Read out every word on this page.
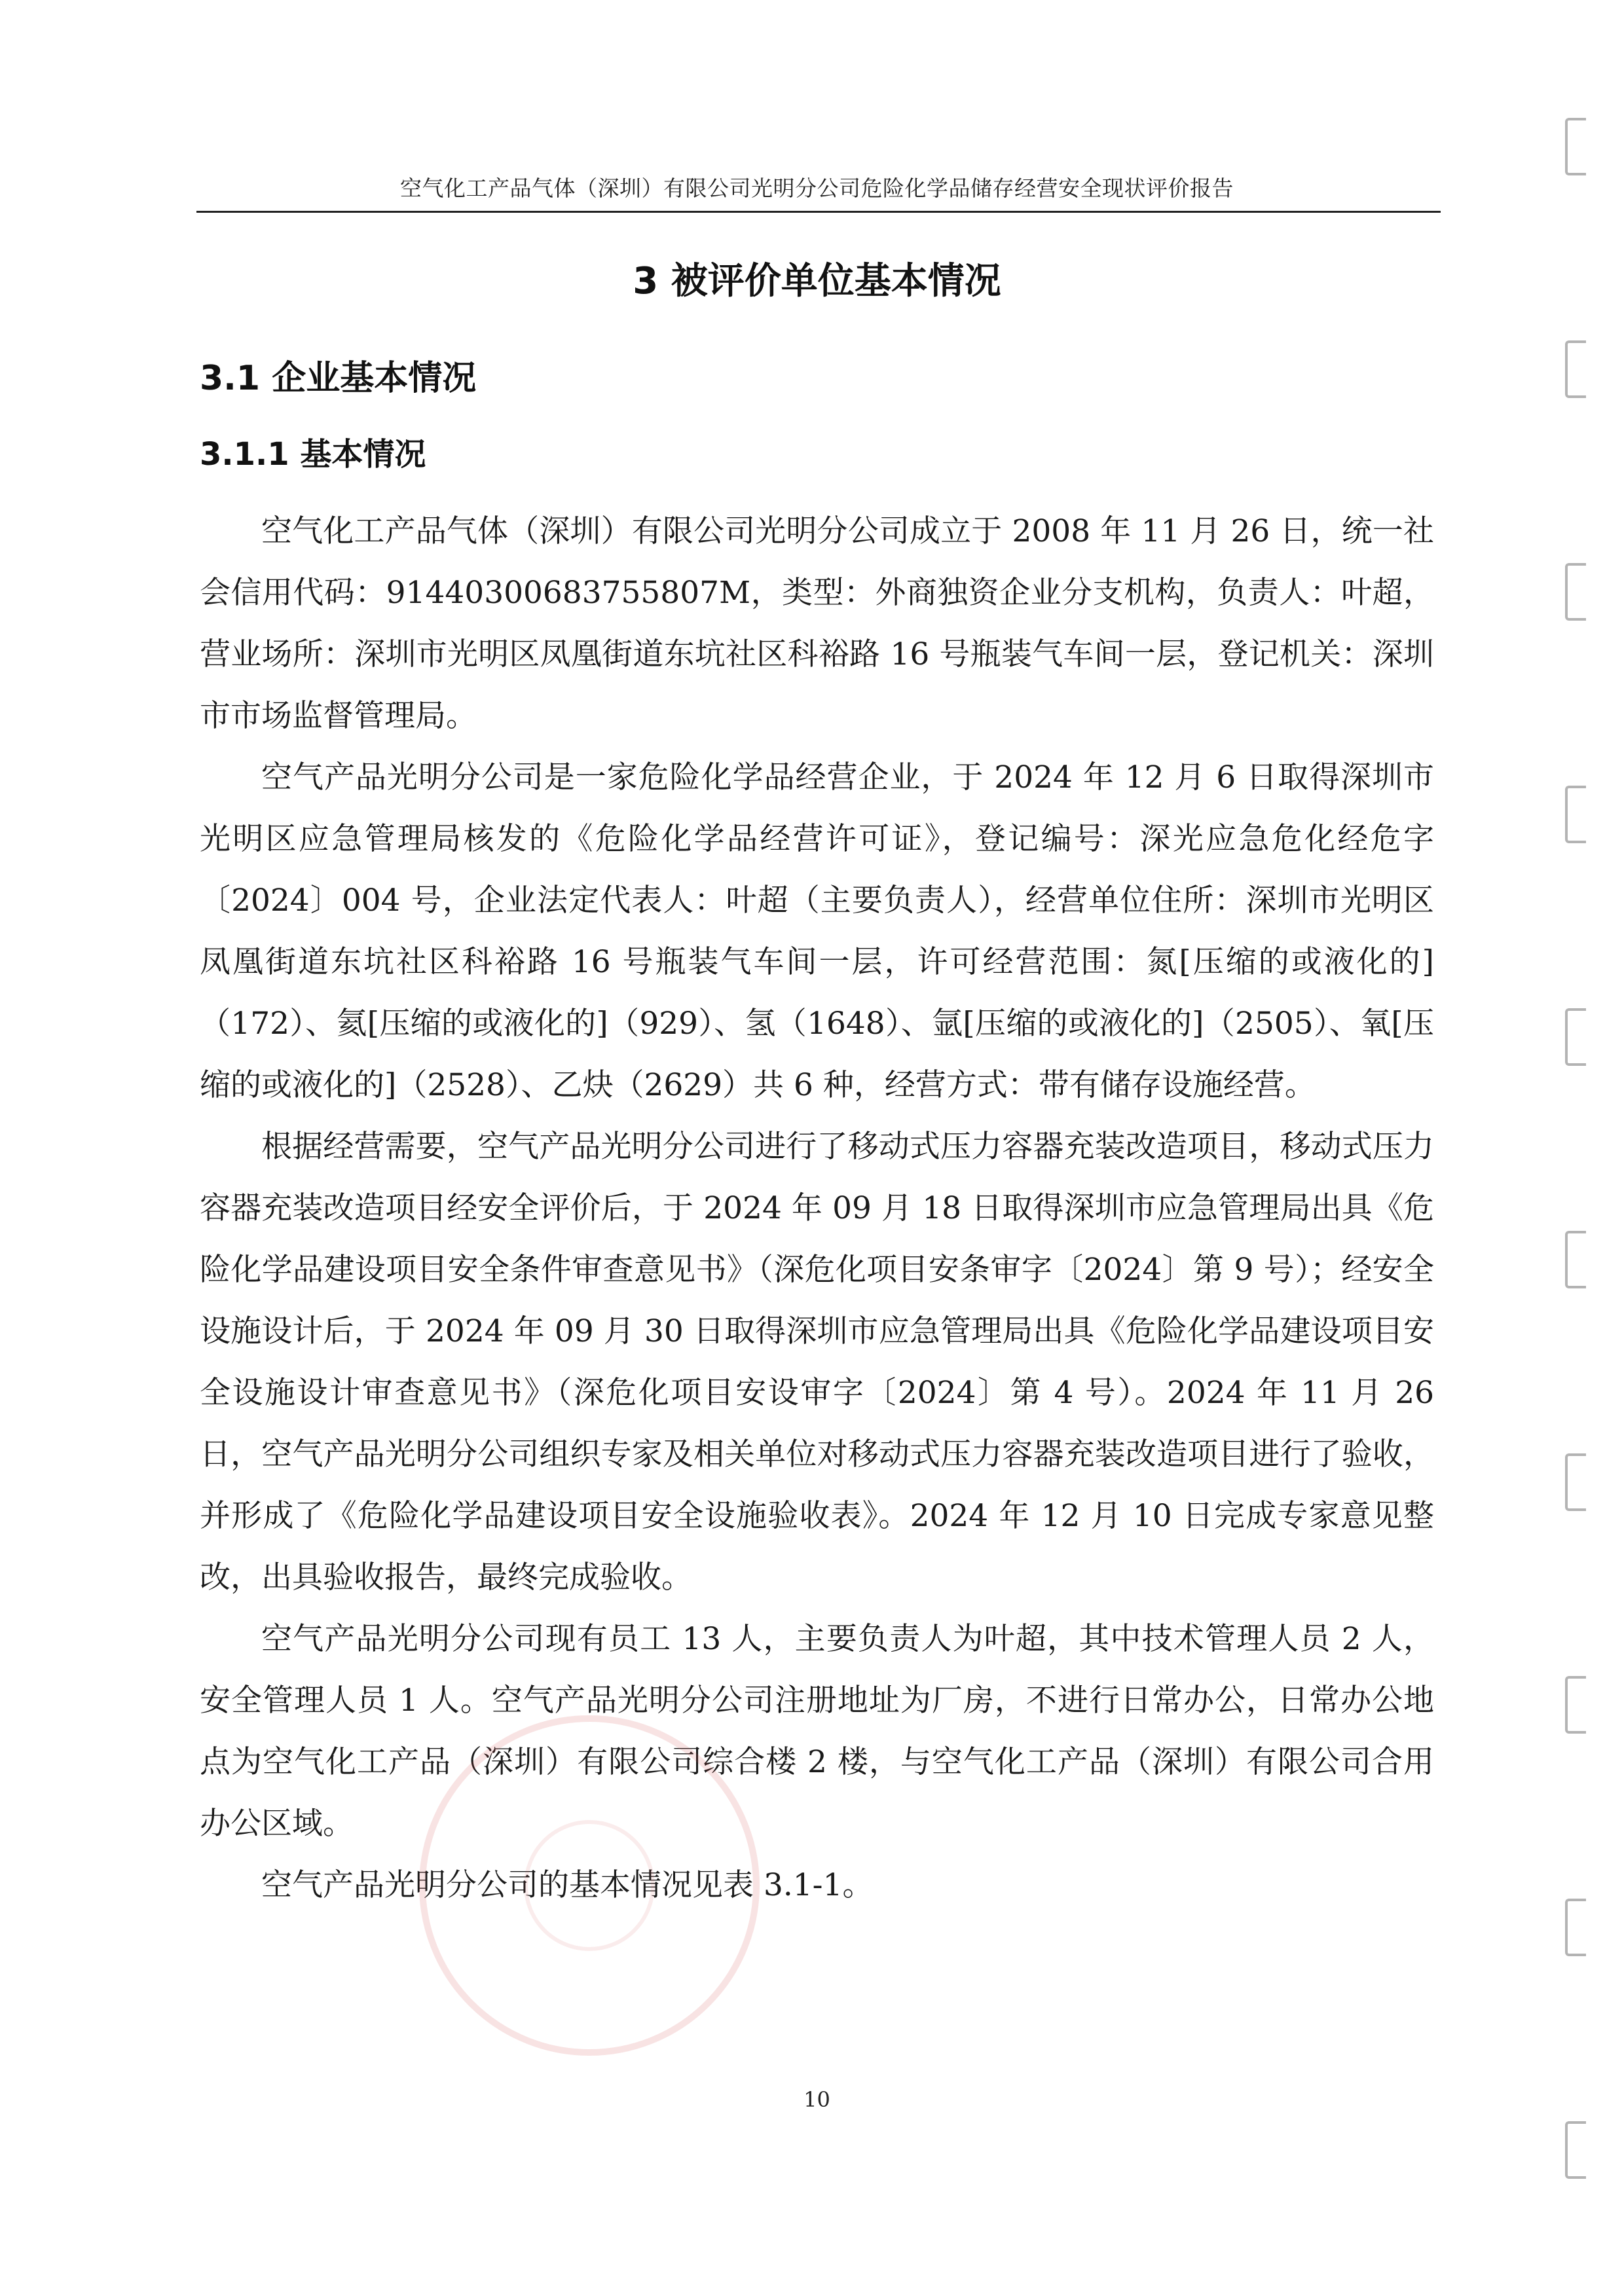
空气化工产品气体（深圳）有限公司光明分公司危险化学品储存经营安全现状评价报告
3 被评价单位基本情况
3.1 企业基本情况
3.1.1 基本情况

空气化工产品气体（深圳）有限公司光明分公司成立于 2008 年 11 月 26 日，统一社会信用代码：91440300683755807M，类型：外商独资企业分支机构，负责人：叶超，营业场所：深圳市光明区凤凰街道东坑社区科裕路 16 号瓶装气车间一层，登记机关：深圳市市场监督管理局。

空气产品光明分公司是一家危险化学品经营企业，于 2024 年 12 月 6 日取得深圳市光明区应急管理局核发的《危险化学品经营许可证》，登记编号：深光应急危化经危字〔2024〕004 号，企业法定代表人：叶超（主要负责人），经营单位住所：深圳市光明区凤凰街道东坑社区科裕路 16 号瓶装气车间一层，许可经营范围：氮[压缩的或液化的]（172）、氦[压缩的或液化的]（929）、氢（1648）、氩[压缩的或液化的]（2505）、氧[压缩的或液化的]（2528）、乙炔（2629）共 6 种，经营方式：带有储存设施经营。

根据经营需要，空气产品光明分公司进行了移动式压力容器充装改造项目，移动式压力容器充装改造项目经安全评价后，于 2024 年 09 月 18 日取得深圳市应急管理局出具《危险化学品建设项目安全条件审查意见书》（深危化项目安条审字〔2024〕第 9 号）；经安全设施设计后，于 2024 年 09 月 30 日取得深圳市应急管理局出具《危险化学品建设项目安全设施设计审查意见书》（深危化项目安设审字〔2024〕第 4 号）。2024 年 11 月 26 日，空气产品光明分公司组织专家及相关单位对移动式压力容器充装改造项目进行了验收，并形成了《危险化学品建设项目安全设施验收表》。2024 年 12 月 10 日完成专家意见整改，出具验收报告，最终完成验收。

空气产品光明分公司现有员工 13 人，主要负责人为叶超，其中技术管理人员 2 人，安全管理人员 1 人。空气产品光明分公司注册地址为厂房，不进行日常办公，日常办公地点为空气化工产品（深圳）有限公司综合楼 2 楼，与空气化工产品（深圳）有限公司合用办公区域。

空气产品光明分公司的基本情况见表 3.1-1。

10
